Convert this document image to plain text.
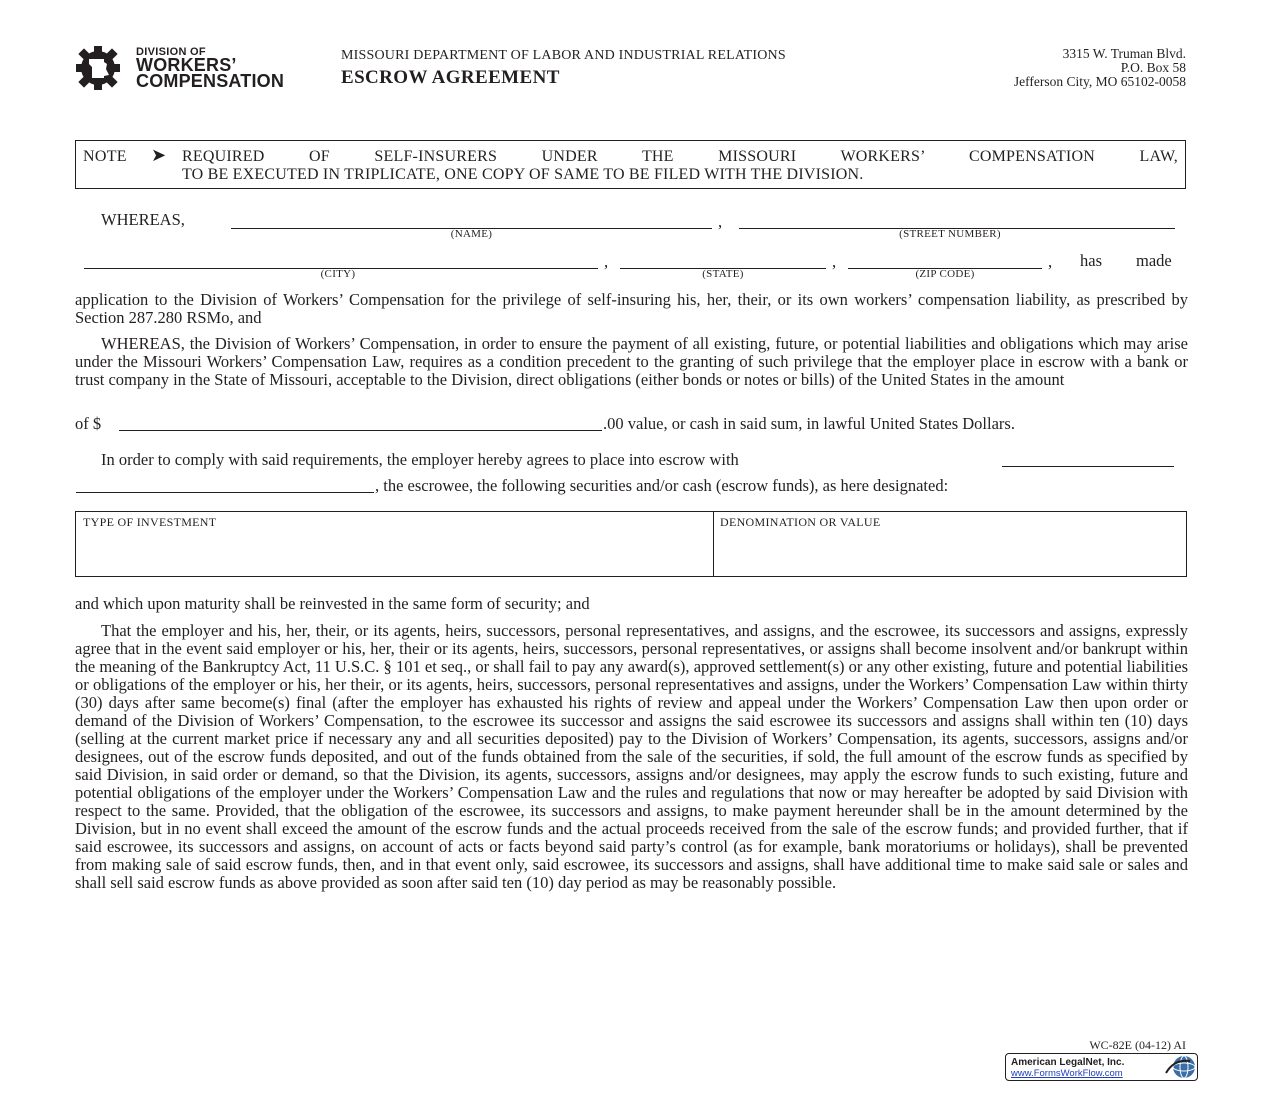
DIVISION OF
WORKERS’
COMPENSATION
MISSOURI DEPARTMENT OF LABOR AND INDUSTRIAL RELATIONS
ESCROW AGREEMENT
3315 W. Truman Blvd.
P.O. Box 58
Jefferson City, MO 65102-0058
NOTE ➤ REQUIRED OF SELF-INSURERS UNDER THE MISSOURI WORKERS’ COMPENSATION LAW,
TO BE EXECUTED IN TRIPLICATE, ONE COPY OF SAME TO BE FILED WITH THE DIVISION.
WHEREAS,	,
(NAME)	(STREET NUMBER)
,	,	, has made
(CITY)	(STATE)	(ZIP CODE)
application to the Division of Workers’ Compensation for the privilege of self-insuring his, her, their, or its own workers’ compensation liability, as prescribed by Section 287.280 RSMo, and
WHEREAS, the Division of Workers’ Compensation, in order to ensure the payment of all existing, future, or potential liabilities and obligations which may arise under the Missouri Workers’ Compensation Law, requires as a condition precedent to the granting of such privilege that the employer place in escrow with a bank or trust company in the State of Missouri, acceptable to the Division, direct obligations (either bonds or notes or bills) of the United States in the amount
of $	.00 value, or cash in said sum, in lawful United States Dollars.
In order to comply with said requirements, the employer hereby agrees to place into escrow with
, the escrowee, the following securities and/or cash (escrow funds), as here designated:
TYPE OF INVESTMENT	DENOMINATION OR VALUE
and which upon maturity shall be reinvested in the same form of security; and
That the employer and his, her, their, or its agents, heirs, successors, personal representatives, and assigns, and the escrowee, its successors and assigns, expressly agree that in the event said employer or his, her, their or its agents, heirs, successors, personal representatives, or assigns shall become insolvent and/or bankrupt within the meaning of the Bankruptcy Act, 11 U.S.C. § 101 et seq., or shall fail to pay any award(s), approved settlement(s) or any other existing, future and potential liabilities or obligations of the employer or his, her their, or its agents, heirs, successors, personal representatives and assigns, under the Workers’ Compensation Law within thirty (30) days after same become(s) final (after the employer has exhausted his rights of review and appeal under the Workers’ Compensation Law then upon order or demand of the Division of Workers’ Compensation, to the escrowee its successor and assigns the said escrowee its successors and assigns shall within ten (10) days (selling at the current market price if necessary any and all securities deposited) pay to the Division of Workers’ Compensation, its agents, successors, assigns and/or designees, out of the escrow funds deposited, and out of the funds obtained from the sale of the securities, if sold, the full amount of the escrow funds as specified by said Division, in said order or demand, so that the Division, its agents, successors, assigns and/or designees, may apply the escrow funds to such existing, future and potential obligations of the employer under the Workers’ Compensation Law and the rules and regulations that now or may hereafter be adopted by said Division with respect to the same. Provided, that the obligation of the escrowee, its successors and assigns, to make payment hereunder shall be in the amount determined by the Division, but in no event shall exceed the amount of the escrow funds and the actual proceeds received from the sale of the escrow funds; and provided further, that if said escrowee, its successors and assigns, on account of acts or facts beyond said party’s control (as for example, bank moratoriums or holidays), shall be prevented from making sale of said escrow funds, then, and in that event only, said escrowee, its successors and assigns, shall have additional time to make said sale or sales and shall sell said escrow funds as above provided as soon after said ten (10) day period as may be reasonably possible.
WC-82E (04-12) AI
American LegalNet, Inc.
www.FormsWorkFlow.com
